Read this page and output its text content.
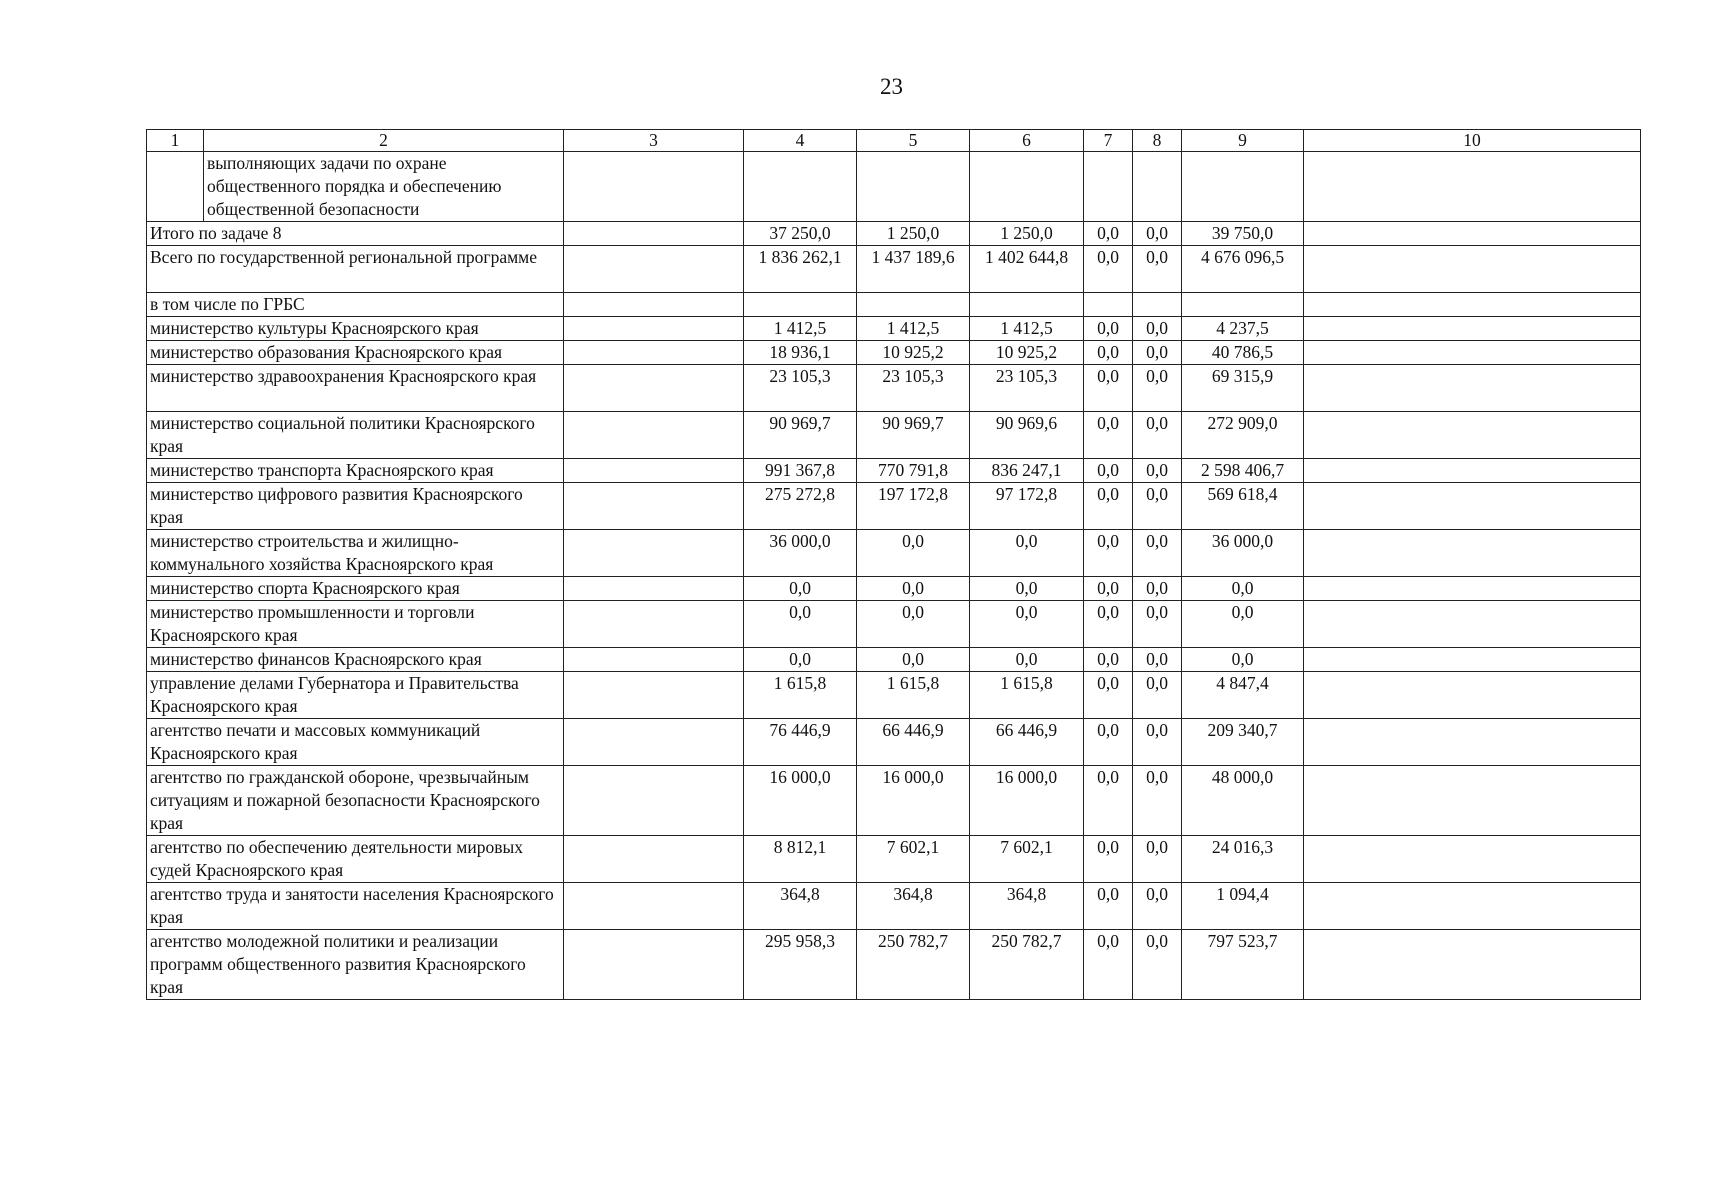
23
1	2	3	4	5	6	7	8	9	10
	выполняющих задачи по охране общественного порядка и обеспечению общественной безопасности								
Итого по задаче 8			37 250,0	1 250,0	1 250,0	0,0	0,0	39 750,0	
Всего по государственной региональной программе			1 836 262,1	1 437 189,6	1 402 644,8	0,0	0,0	4 676 096,5	
в том числе по ГРБС									
министерство культуры Красноярского края			1 412,5	1 412,5	1 412,5	0,0	0,0	4 237,5	
министерство образования Красноярского края			18 936,1	10 925,2	10 925,2	0,0	0,0	40 786,5	
министерство здравоохранения Красноярского края			23 105,3	23 105,3	23 105,3	0,0	0,0	69 315,9	
министерство социальной политики Красноярского края			90 969,7	90 969,7	90 969,6	0,0	0,0	272 909,0	
министерство транспорта Красноярского края			991 367,8	770 791,8	836 247,1	0,0	0,0	2 598 406,7	
министерство цифрового развития Красноярского края			275 272,8	197 172,8	97 172,8	0,0	0,0	569 618,4	
министерство строительства и жилищно-коммунального хозяйства Красноярского края			36 000,0	0,0	0,0	0,0	0,0	36 000,0	
министерство спорта Красноярского края			0,0	0,0	0,0	0,0	0,0	0,0	
министерство промышленности и торговли Красноярского края			0,0	0,0	0,0	0,0	0,0	0,0	
министерство финансов Красноярского края			0,0	0,0	0,0	0,0	0,0	0,0	
управление делами Губернатора и Правительства Красноярского края			1 615,8	1 615,8	1 615,8	0,0	0,0	4 847,4	
агентство печати и массовых коммуникаций Красноярского края			76 446,9	66 446,9	66 446,9	0,0	0,0	209 340,7	
агентство по гражданской обороне, чрезвычайным ситуациям и пожарной безопасности Красноярского края			16 000,0	16 000,0	16 000,0	0,0	0,0	48 000,0	
агентство по обеспечению деятельности мировых судей Красноярского края			8 812,1	7 602,1	7 602,1	0,0	0,0	24 016,3	
агентство труда и занятости населения Красноярского края			364,8	364,8	364,8	0,0	0,0	1 094,4	
агентство молодежной политики и реализации программ общественного развития Красноярского края			295 958,3	250 782,7	250 782,7	0,0	0,0	797 523,7	
